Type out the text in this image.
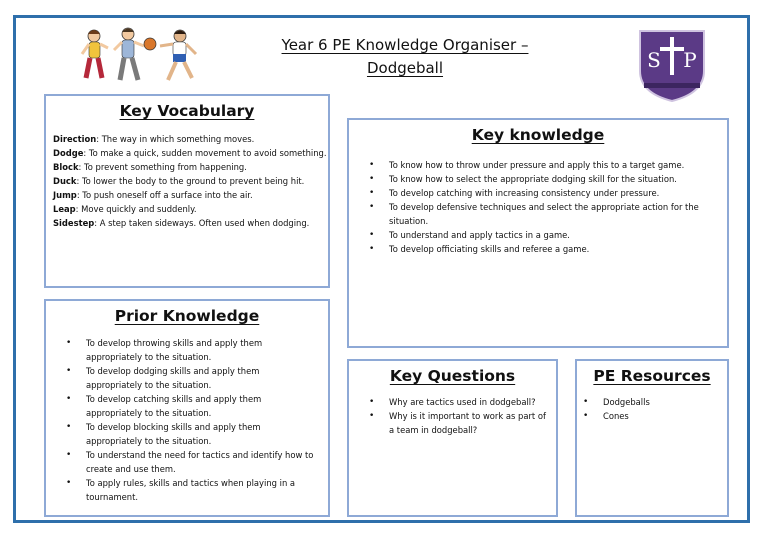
Year 6 PE Knowledge Organiser –
Dodgeball	S P
Key Vocabulary
Direction: The way in which something moves.
Dodge: To make a quick, sudden movement to avoid something.
Block: To prevent something from happening.
Duck: To lower the body to the ground to prevent being hit.
Jump: To push oneself off a surface into the air.
Leap: Move quickly and suddenly.
Sidestep: A step taken sideways. Often used when dodging.
Key knowledge
• To know how to throw under pressure and apply this to a target game.
• To know how to select the appropriate dodging skill for the situation.
• To develop catching with increasing consistency under pressure.
• To develop defensive techniques and select the appropriate action for the situation.
• To understand and apply tactics in a game.
• To develop officiating skills and referee a game.
Prior Knowledge
• To develop throwing skills and apply them appropriately to the situation.
• To develop dodging skills and apply them appropriately to the situation.
• To develop catching skills and apply them appropriately to the situation.
• To develop blocking skills and apply them appropriately to the situation.
• To understand the need for tactics and identify how to create and use them.
• To apply rules, skills and tactics when playing in a tournament.
Key Questions
• Why are tactics used in dodgeball?
• Why is it important to work as part of a team in dodgeball?
PE Resources
• Dodgeballs
• Cones
